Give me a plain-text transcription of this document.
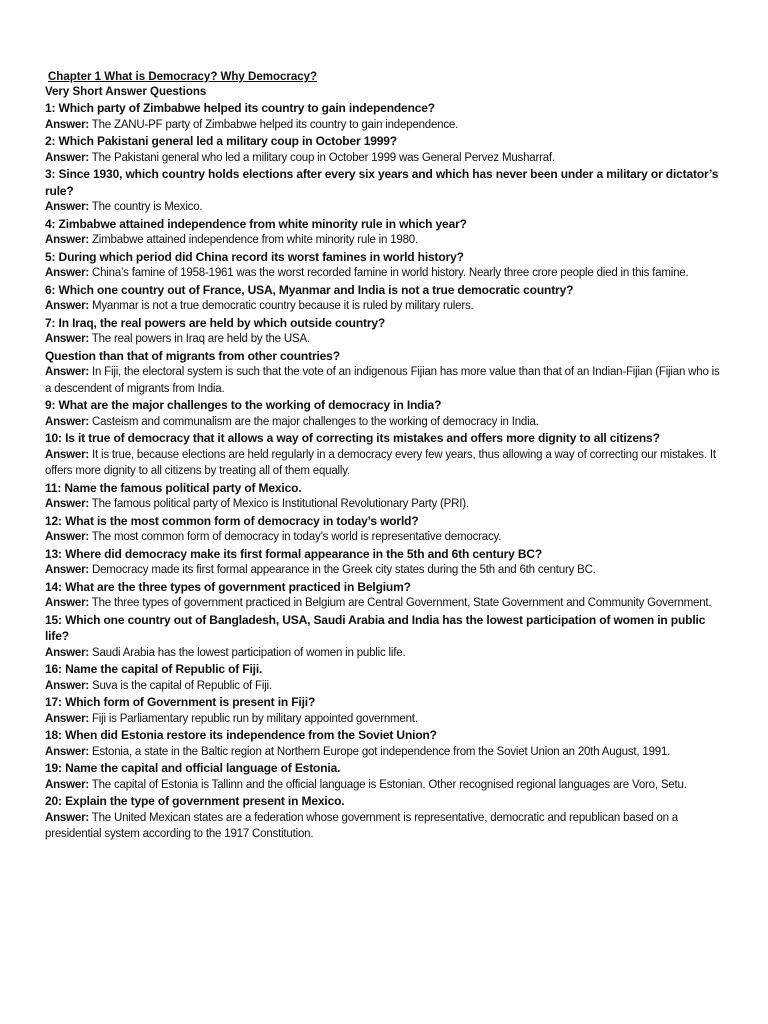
Chapter 1 What is Democracy? Why Democracy?
Very Short Answer Questions
1: Which party of Zimbabwe helped its country to gain independence?
Answer: The ZANU-PF party of Zimbabwe helped its country to gain independence.
2: Which Pakistani general led a military coup in October 1999?
Answer: The Pakistani general who led a military coup in October 1999 was General Pervez Musharraf.
3: Since 1930, which country holds elections after every six years and which has never been under a military or dictator’s rule?
Answer: The country is Mexico.
4: Zimbabwe attained independence from white minority rule in which year?
Answer: Zimbabwe attained independence from white minority rule in 1980.
5: During which period did China record its worst famines in world history?
Answer: China’s famine of 1958-1961 was the worst recorded famine in world history. Nearly three crore people died in this famine.
6: Which one country out of France, USA, Myanmar and India is not a true democratic country?
Answer: Myanmar is not a true democratic country because it is ruled by military rulers.
7: In Iraq, the real powers are held by which outside country?
Answer: The real powers in Iraq are held by the USA.
Question than that of migrants from other countries?
Answer: In Fiji, the electoral system is such that the vote of an indigenous Fijian has more value than that of an Indian-Fijian (Fijian who is a descendent of migrants from India.
9: What are the major challenges to the working of democracy in India?
Answer: Casteism and communalism are the major challenges to the working of democracy in India.
10: Is it true of democracy that it allows a way of correcting its mistakes and offers more dignity to all citizens?
Answer: It is true, because elections are held regularly in a democracy every few years, thus allowing a way of correcting our mistakes. It offers more dignity to all citizens by treating all of them equally.
11: Name the famous political party of Mexico.
Answer: The famous political party of Mexico is Institutional Revolutionary Party (PRI).
12: What is the most common form of democracy in today’s world?
Answer: The most common form of democracy in today’s world is representative democracy.
13: Where did democracy make its first formal appearance in the 5th and 6th century BC?
Answer: Democracy made its first formal appearance in the Greek city states during the 5th and 6th century BC.
14: What are the three types of government practiced in Belgium?
Answer: The three types of government practiced in Belgium are Central Government, State Government and Community Government.
15: Which one country out of Bangladesh, USA, Saudi Arabia and India has the lowest participation of women in public life?
Answer: Saudi Arabia has the lowest participation of women in public life.
16: Name the capital of Republic of Fiji.
Answer: Suva is the capital of Republic of Fiji.
17: Which form of Government is present in Fiji?
Answer: Fiji is Parliamentary republic run by military appointed government.
18: When did Estonia restore its independence from the Soviet Union?
Answer: Estonia, a state in the Baltic region at Northern Europe got independence from the Soviet Union an 20th August, 1991.
19: Name the capital and official language of Estonia.
Answer: The capital of Estonia is Tallinn and the official language is Estonian. Other recognised regional languages are Voro, Setu.
20: Explain the type of government present in Mexico.
Answer: The United Mexican states are a federation whose government is representative, democratic and republican based on a presidential system according to the 1917 Constitution.
